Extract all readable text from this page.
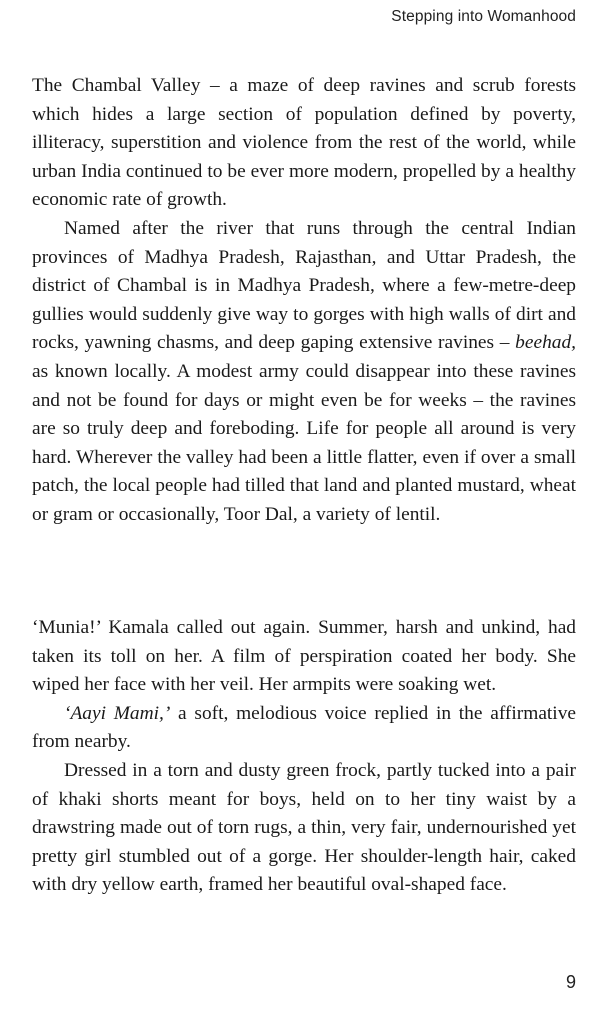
Stepping into Womanhood

The Chambal Valley – a maze of deep ravines and scrub forests which hides a large section of population defined by poverty, illiteracy, superstition and violence from the rest of the world, while urban India continued to be ever more modern, propelled by a healthy economic rate of growth.

Named after the river that runs through the central Indian provinces of Madhya Pradesh, Rajasthan, and Uttar Pradesh, the district of Chambal is in Madhya Pradesh, where a few-metre-deep gullies would suddenly give way to gorges with high walls of dirt and rocks, yawning chasms, and deep gaping extensive ravines – beehad, as known locally. A modest army could disappear into these ravines and not be found for days or might even be for weeks – the ravines are so truly deep and foreboding. Life for people all around is very hard. Wherever the valley had been a little flatter, even if over a small patch, the local people had tilled that land and planted mustard, wheat or gram or occasionally, Toor Dal, a variety of lentil.

‘Munia!’ Kamala called out again. Summer, harsh and unkind, had taken its toll on her. A film of perspiration coated her body. She wiped her face with her veil. Her armpits were soaking wet.

‘Aayi Mami,’ a soft, melodious voice replied in the affirmative from nearby.

Dressed in a torn and dusty green frock, partly tucked into a pair of khaki shorts meant for boys, held on to her tiny waist by a drawstring made out of torn rugs, a thin, very fair, undernourished yet pretty girl stumbled out of a gorge. Her shoulder-length hair, caked with dry yellow earth, framed her beautiful oval-shaped face.

9
